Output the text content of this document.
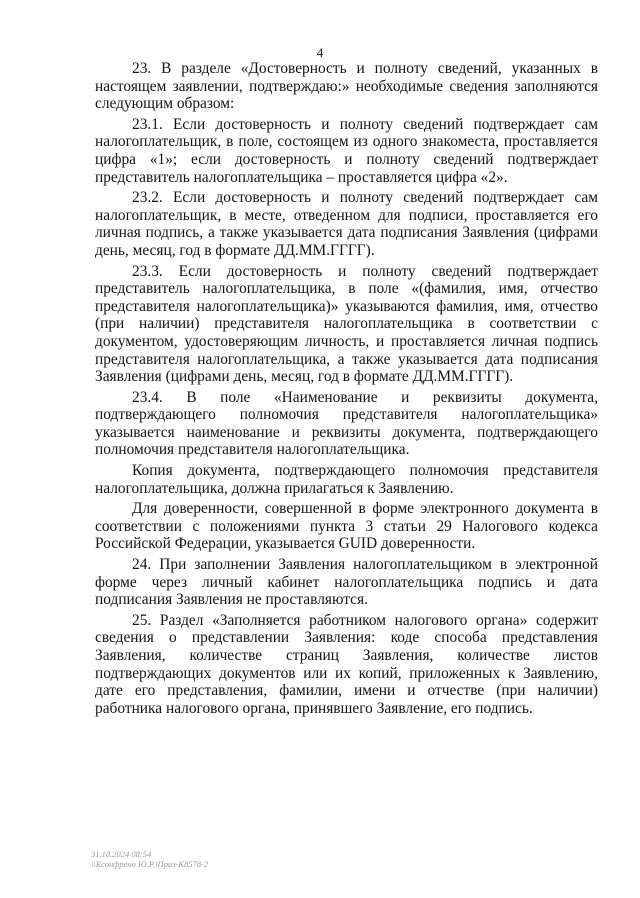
4

23. В разделе «Достоверность и полноту сведений, указанных в настоящем заявлении, подтверждаю:» необходимые сведения заполняются следующим образом:

23.1. Если достоверность и полноту сведений подтверждает сам налогоплательщик, в поле, состоящем из одного знакоместа, проставляется цифра «1»; если достоверность и полноту сведений подтверждает представитель налогоплательщика – проставляется цифра «2».

23.2. Если достоверность и полноту сведений подтверждает сам налогоплательщик, в месте, отведенном для подписи, проставляется его личная подпись, а также указывается дата подписания Заявления (цифрами день, месяц, год в формате ДД.ММ.ГГГГ).

23.3. Если достоверность и полноту сведений подтверждает представитель налогоплательщика, в поле «(фамилия, имя, отчество представителя налогоплательщика)» указываются фамилия, имя, отчество (при наличии) представителя налогоплательщика в соответствии с документом, удостоверяющим личность, и проставляется личная подпись представителя налогоплательщика, а также указывается дата подписания Заявления (цифрами день, месяц, год в формате ДД.ММ.ГГГГ).

23.4. В поле «Наименование и реквизиты документа, подтверждающего полномочия представителя налогоплательщика» указывается наименование и реквизиты документа, подтверждающего полномочия представителя налогоплательщика.

Копия документа, подтверждающего полномочия представителя налогоплательщика, должна прилагаться к Заявлению.

Для доверенности, совершенной в форме электронного документа в соответствии с положениями пункта 3 статьи 29 Налогового кодекса Российской Федерации, указывается GUID доверенности.

24. При заполнении Заявления налогоплательщиком в электронной форме через личный кабинет налогоплательщика подпись и дата подписания Заявления не проставляются.

25. Раздел «Заполняется работником налогового органа» содержит сведения о представлении Заявления: коде способа представления Заявления, количестве страниц Заявления, количестве листов подтверждающих документов или их копий, приложенных к Заявлению, дате его представления, фамилии, имени и отчестве (при наличии) работника налогового органа, принявшего Заявление, его подпись.

31.10.2024 08:54
\\Ксонфрено Ю.Р.\Приз-К8578-2
